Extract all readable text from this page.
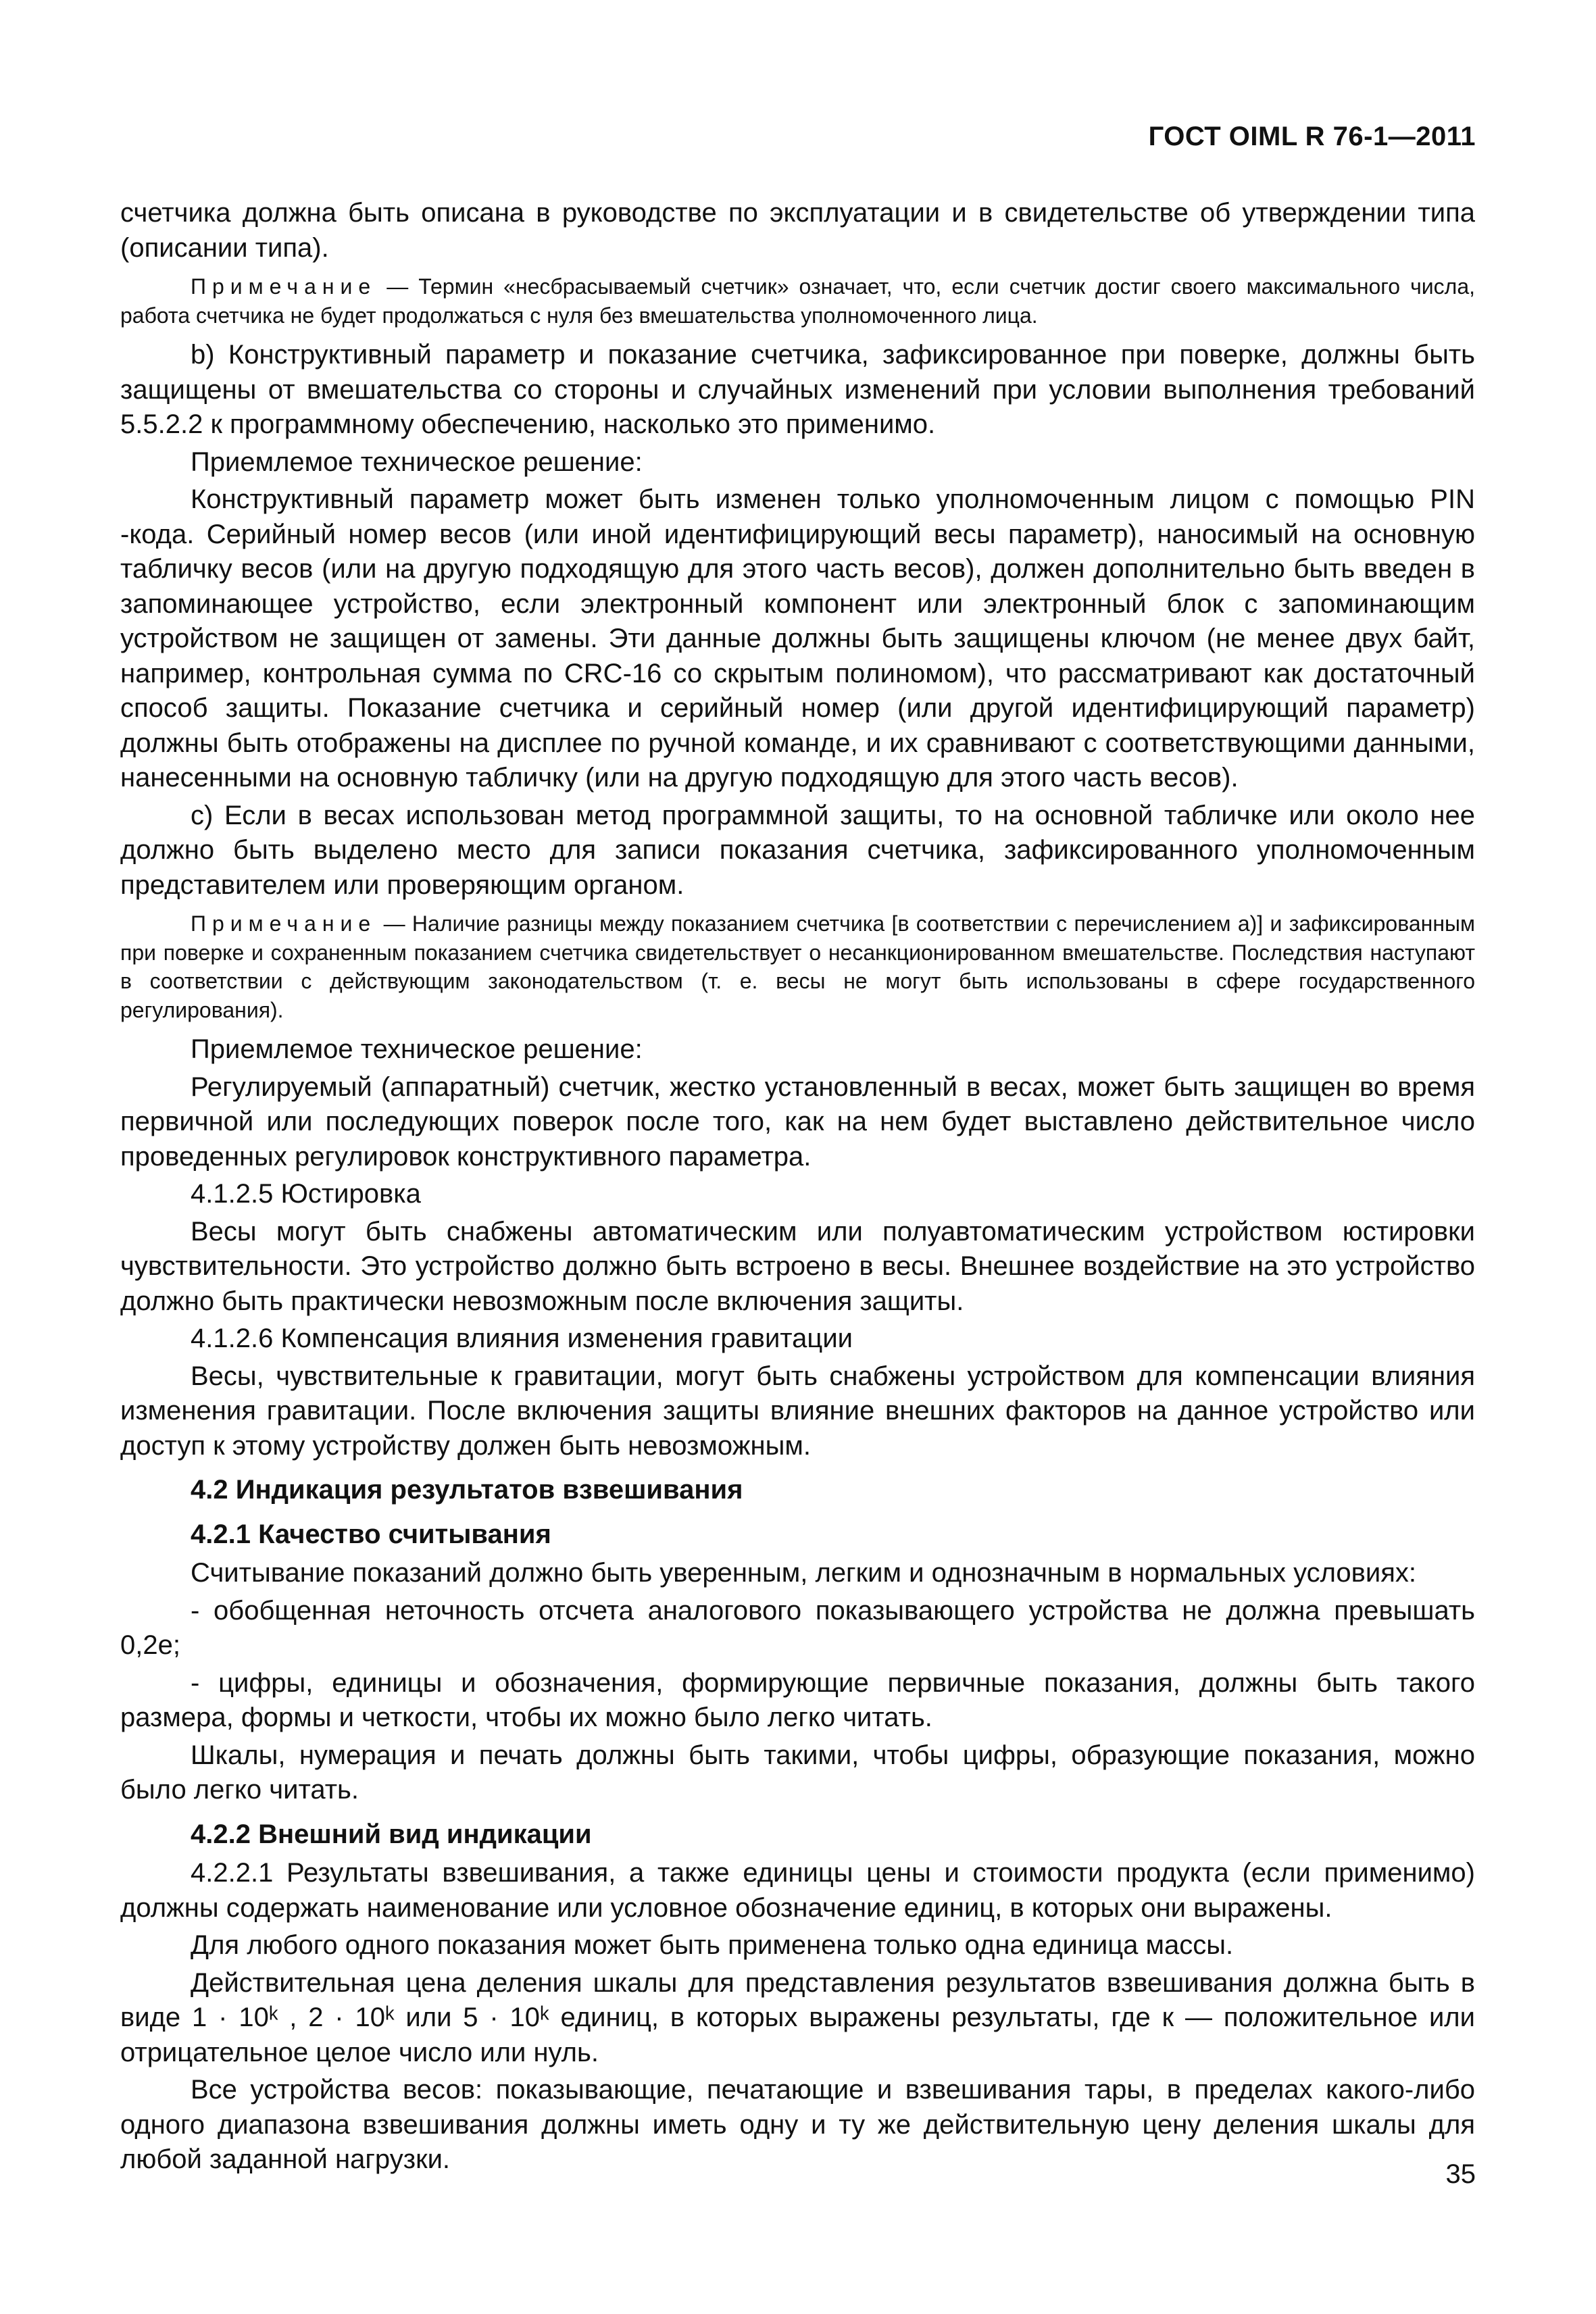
ГОСТ OIML R 76-1—2011

счетчика должна быть описана в руководстве по эксплуатации и в свидетельстве об утверждении типа (описании типа).

Примечание — Термин «несбрасываемый счетчик» означает, что, если счетчик достиг своего максимального числа, работа счетчика не будет продолжаться с нуля без вмешательства уполномоченного лица.

b) Конструктивный параметр и показание счетчика, зафиксированное при поверке, должны быть защищены от вмешательства со стороны и случайных изменений при условии выполнения требований 5.5.2.2 к программному обеспечению, насколько это применимо.

Приемлемое техническое решение:

Конструктивный параметр может быть изменен только уполномоченным лицом с помощью PIN -кода. Серийный номер весов (или иной идентифицирующий весы параметр), наносимый на основную табличку весов (или на другую подходящую для этого часть весов), должен дополнительно быть введен в запоминающее устройство, если электронный компонент или электронный блок с запоминающим устройством не защищен от замены. Эти данные должны быть защищены ключом (не менее двух байт, например, контрольная сумма по CRC-16 со скрытым полиномом), что рассматривают как достаточный способ защиты. Показание счетчика и серийный номер (или другой идентифицирующий параметр) должны быть отображены на дисплее по ручной команде, и их сравнивают с соответствующими данными, нанесенными на основную табличку (или на другую подходящую для этого часть весов).

c) Если в весах использован метод программной защиты, то на основной табличке или около нее должно быть выделено место для записи показания счетчика, зафиксированного уполномоченным представителем или проверяющим органом.

Примечание — Наличие разницы между показанием счетчика [в соответствии с перечислением a)] и зафиксированным при поверке и сохраненным показанием счетчика свидетельствует о несанкционированном вмешательстве. Последствия наступают в соответствии с действующим законодательством (т. е. весы не могут быть использованы в сфере государственного регулирования).

Приемлемое техническое решение:

Регулируемый (аппаратный) счетчик, жестко установленный в весах, может быть защищен во время первичной или последующих поверок после того, как на нем будет выставлено действительное число проведенных регулировок конструктивного параметра.

4.1.2.5 Юстировка

Весы могут быть снабжены автоматическим или полуавтоматическим устройством юстировки чувствительности. Это устройство должно быть встроено в весы. Внешнее воздействие на это устройство должно быть практически невозможным после включения защиты.

4.1.2.6 Компенсация влияния изменения гравитации

Весы, чувствительные к гравитации, могут быть снабжены устройством для компенсации влияния изменения гравитации. После включения защиты влияние внешних факторов на данное устройство или доступ к этому устройству должен быть невозможным.

4.2 Индикация результатов взвешивания

4.2.1 Качество считывания

Считывание показаний должно быть уверенным, легким и однозначным в нормальных условиях:

- обобщенная неточность отсчета аналогового показывающего устройства не должна превышать 0,2e;

- цифры, единицы и обозначения, формирующие первичные показания, должны быть такого размера, формы и четкости, чтобы их можно было легко читать.

Шкалы, нумерация и печать должны быть такими, чтобы цифры, образующие показания, можно было легко читать.

4.2.2 Внешний вид индикации

4.2.2.1 Результаты взвешивания, а также единицы цены и стоимости продукта (если применимо) должны содержать наименование или условное обозначение единиц, в которых они выражены.

Для любого одного показания может быть применена только одна единица массы.

Действительная цена деления шкалы для представления результатов взвешивания должна быть в виде 1 · 10ᵏ , 2 · 10ᵏ или 5 · 10ᵏ единиц, в которых выражены результаты, где к — положительное или отрицательное целое число или нуль.

Все устройства весов: показывающие, печатающие и взвешивания тары, в пределах какого-либо одного диапазона взвешивания должны иметь одну и ту же действительную цену деления шкалы для любой заданной нагрузки.	35
